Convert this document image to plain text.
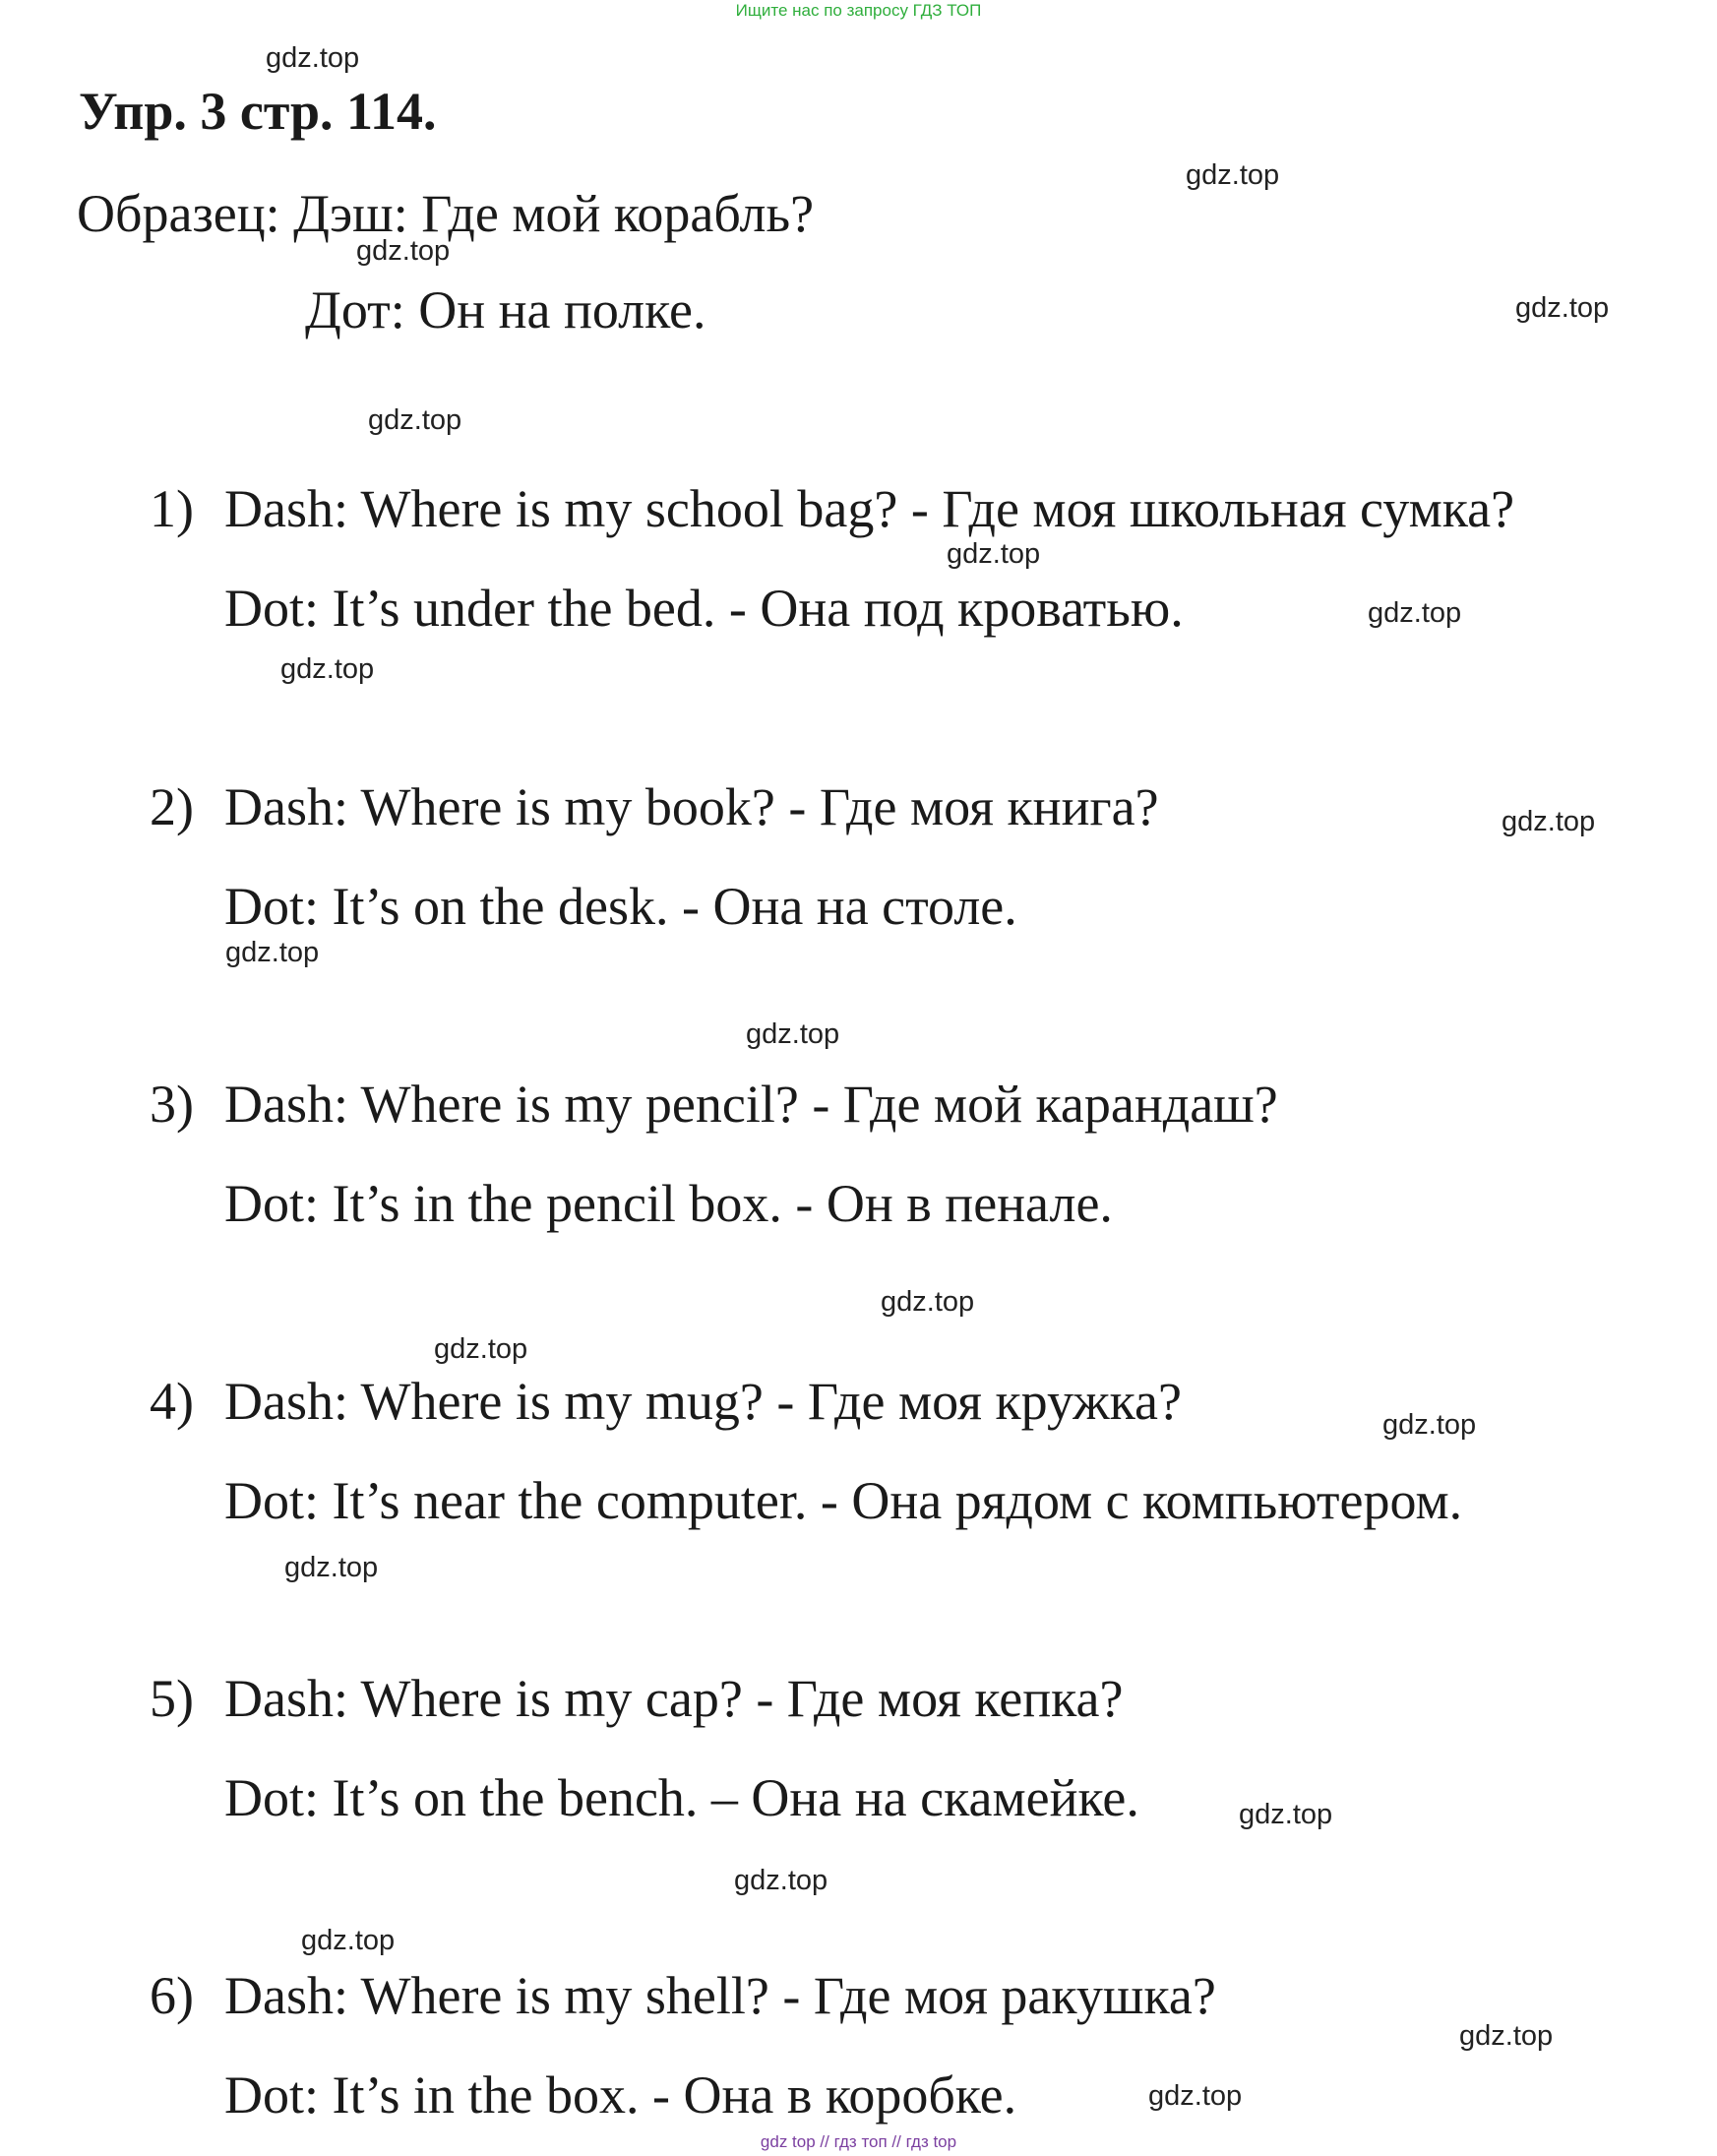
Ищите нас по запросу ГДЗ ТОП
Упр. 3 стр. 114.
Образец: Дэш: Где мой корабль?
Дот: Он на полке.
1) Dash: Where is my school bag? - Где моя школьная сумка?
Dot: It’s under the bed. - Она под кроватью.
2) Dash: Where is my book? - Где моя книга?
Dot: It’s on the desk. - Она на столе.
3) Dash: Where is my pencil? - Где мой карандаш?
Dot: It’s in the pencil box. - Он в пенале.
4) Dash: Where is my mug? - Где моя кружка?
Dot: It’s near the computer. - Она рядом с компьютером.
5) Dash: Where is my cap? - Где моя кепка?
Dot: It’s on the bench. – Она на скамейке.
6) Dash: Where is my shell? - Где моя ракушка?
Dot: It’s in the box. - Она в коробке.
gdz.top
gdz.top
gdz.top
gdz.top
gdz.top
gdz.top
gdz.top
gdz.top
gdz.top
gdz.top
gdz.top
gdz.top
gdz.top
gdz.top
gdz.top
gdz.top
gdz.top
gdz.top
gdz.top
gdz.top
gdz top // гдз топ // гдз top
